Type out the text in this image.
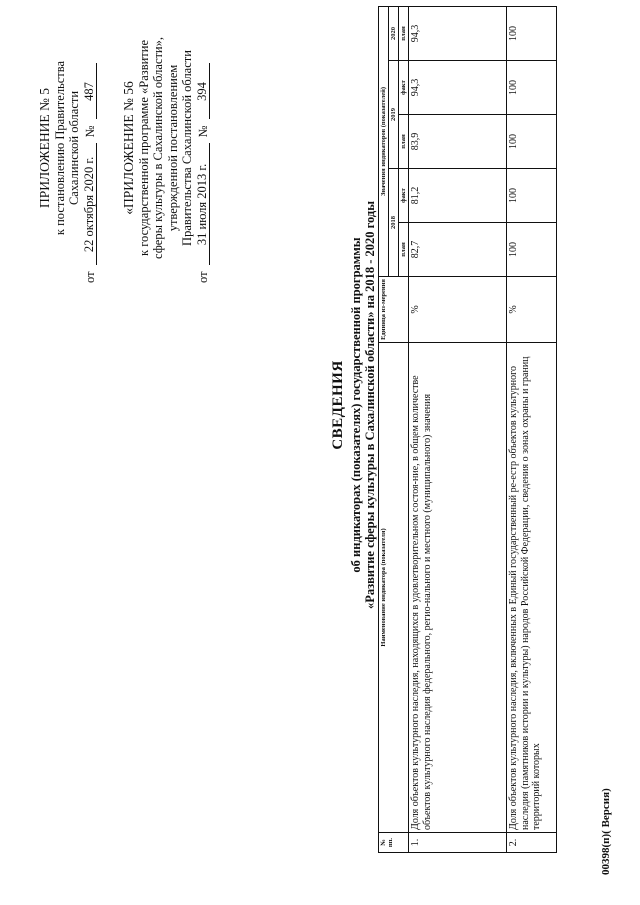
ПРИЛОЖЕНИЕ № 5 к постановлению Правительства Сахалинской области
от
22 октября 2020 г.
№
487 «ПРИЛОЖЕНИЕ № 56 к государственной программе «Развитие сферы культуры в Сахалинской области», утвержденной постановлением Правительства Сахалинской области
от
31 июля 2013 г.
№
394
СВЕДЕНИЯ об индикаторах (показателях) государственной программы «Развитие сферы культуры в Сахалинской области» на 2018 - 2020 годы
№ пп.	Наименование индикатора (показателя)	Единица из-мерения	Значения индикаторов (показателей)				
			2018		2019		2020
			план	факт	план	факт	план
1.	Доля объектов культурного наследия, находящихся в удовлетворительном состоя-ние, в общем количестве объектов культурного наследия федерального, регио-нального и местного (муниципального) значения	%	82,7	81,2	83,9	94,3	94,3
2.	Доля объектов культурного наследия, включенных в Единый государственный ре-естр объектов культурного наследия (памятников истории и культуры) народов Российской Федерации, сведения о зонах охраны и границ территорий которых	%	100	100	100	100	100
00398(п)( Версия)
